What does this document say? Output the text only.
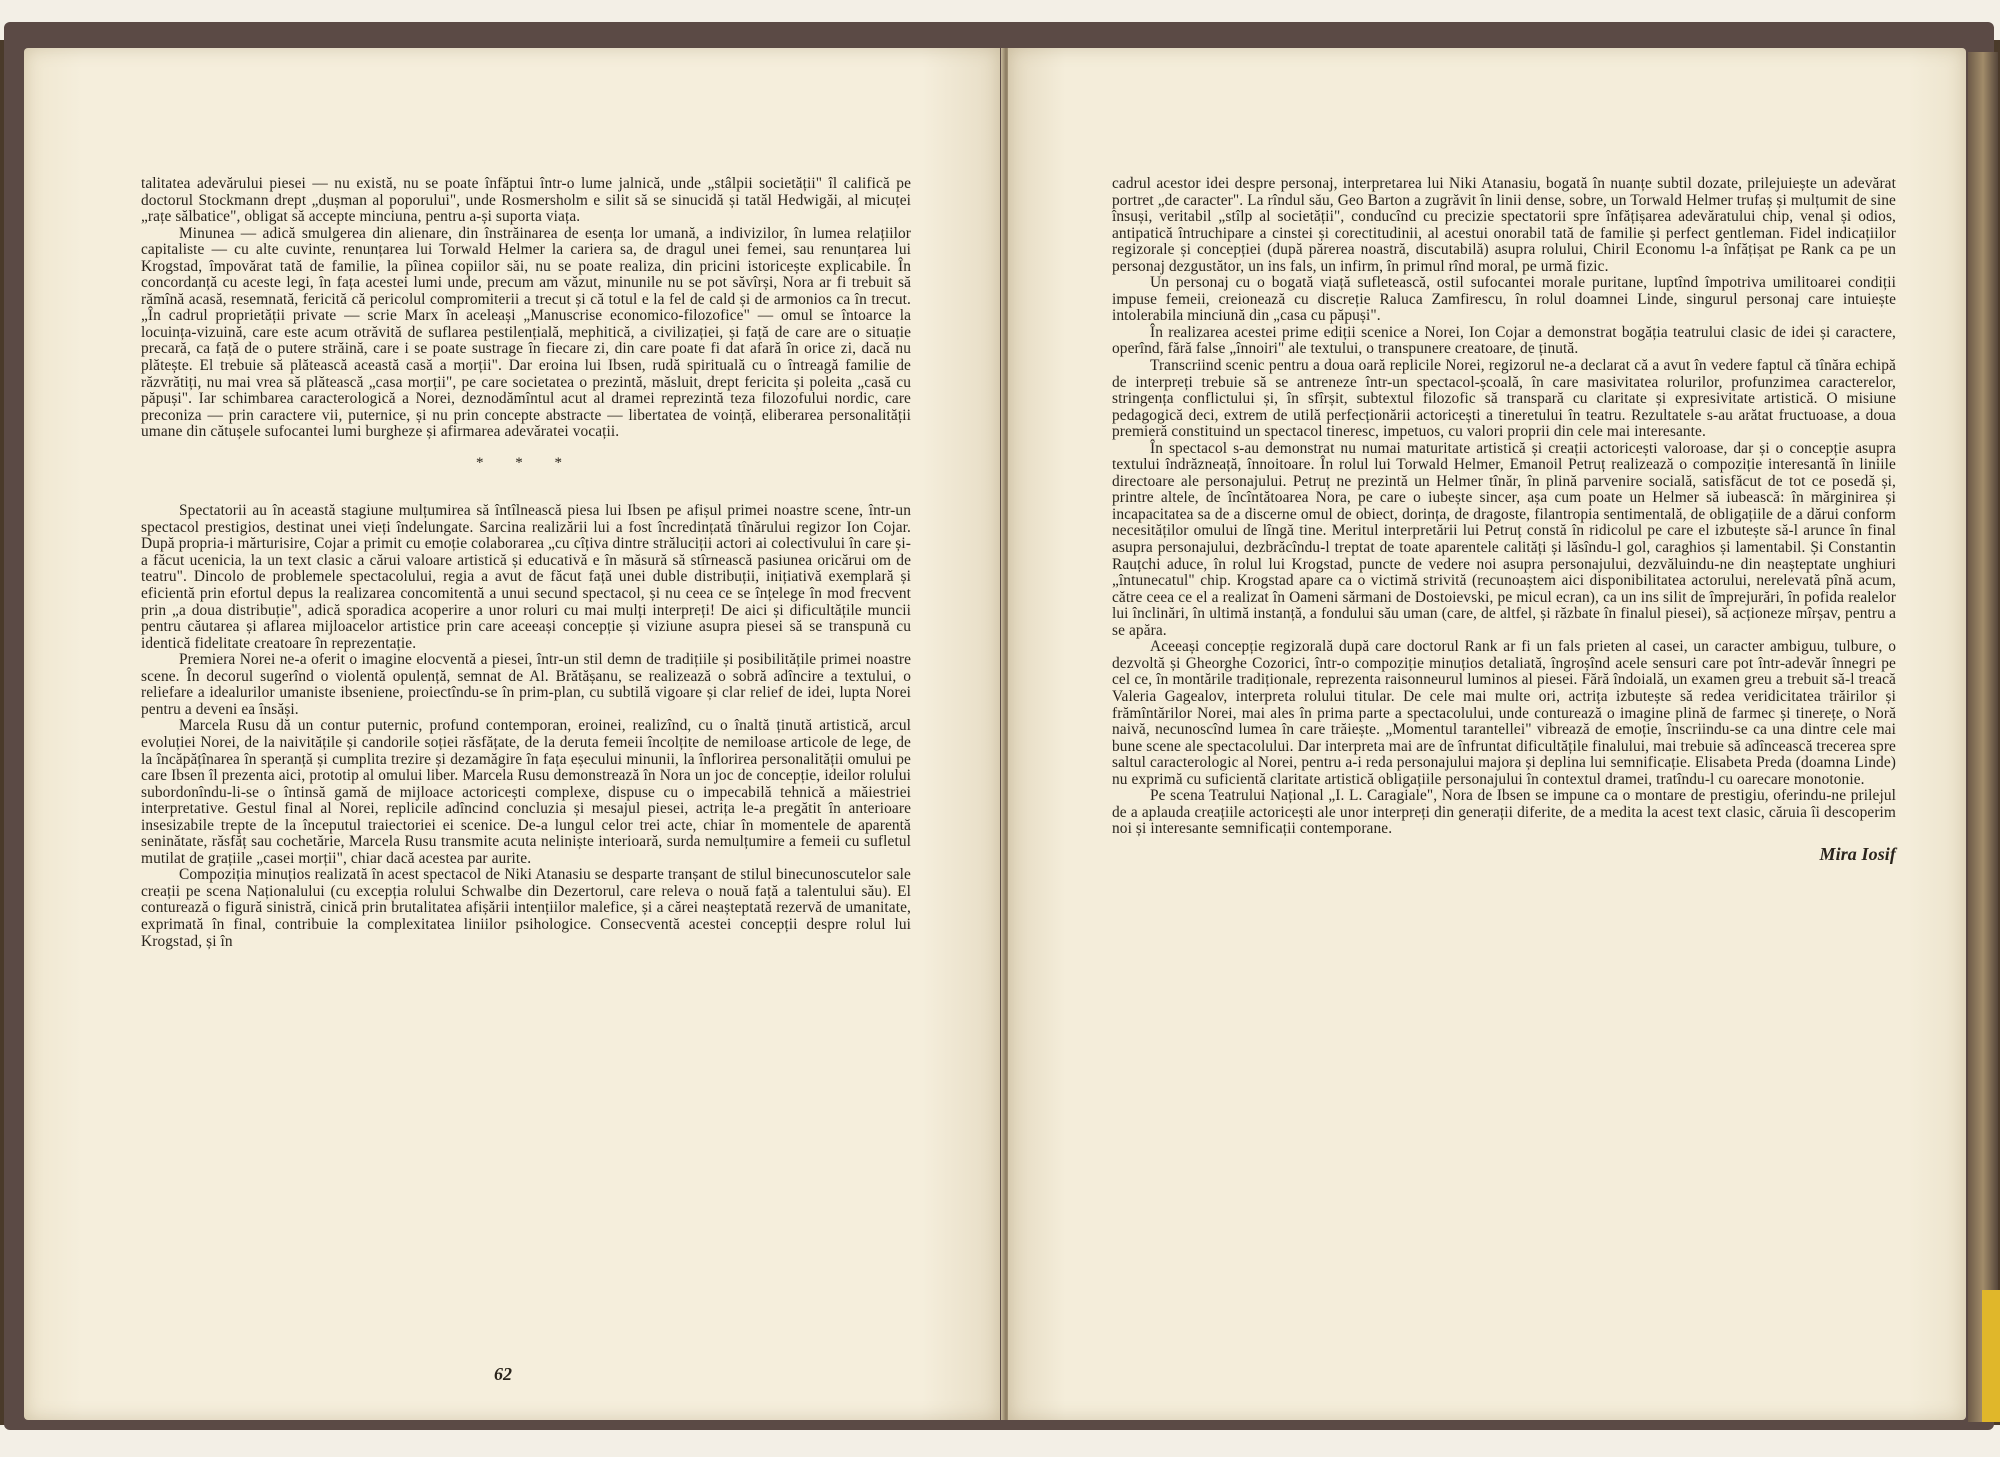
talitatea adevărului piesei — nu există, nu se poate înfăptui într-o lume jalnică, unde „stâlpii societății" îl califică pe doctorul Stockmann drept „dușman al poporului", unde Rosmersholm e silit să se sinucidă și tatăl Hedwigăi, al micuței „rațe sălbatice", obligat să accepte minciuna, pentru a-și suporta viața.

Minunea — adică smulgerea din alienare, din înstrăinarea de esența lor umană, a indivizilor, în lumea relațiilor capitaliste — cu alte cuvinte, renunțarea lui Torwald Helmer la cariera sa, de dragul unei femei, sau renunțarea lui Krogstad, împovărat tată de familie, la pîinea copiilor săi, nu se poate realiza, din pricini istoricește explicabile. În concordanță cu aceste legi, în fața acestei lumi unde, precum am văzut, minunile nu se pot săvîrși, Nora ar fi trebuit să rămînă acasă, resemnată, fericită că pericolul compromiterii a trecut și că totul e la fel de cald și de armonios ca în trecut. „În cadrul proprietății private — scrie Marx în aceleași „Manuscrise economico-filozofice" — omul se întoarce la locuința-vizuină, care este acum otrăvită de suflarea pestilențială, mephitică, a civilizației, și față de care are o situație precară, ca față de o putere străină, care i se poate sustrage în fiecare zi, din care poate fi dat afară în orice zi, dacă nu plătește. El trebuie să plătească această casă a morții". Dar eroina lui Ibsen, rudă spirituală cu o întreagă familie de răzvrătiți, nu mai vrea să plătească „casa morții", pe care societatea o prezintă, măsluit, drept fericita și poleita „casă cu păpuși". Iar schimbarea caracterologică a Norei, deznodămîntul acut al dramei reprezintă teza filozofului nordic, care preconiza — prin caractere vii, puternice, și nu prin concepte abstracte — libertatea de voință, eliberarea personalității umane din cătușele sufocantei lumi burgheze și afirmarea adevăratei vocații.

* * *

Spectatorii au în această stagiune mulțumirea să întîlnească piesa lui Ibsen pe afișul primei noastre scene, într-un spectacol prestigios, destinat unei vieți îndelungate. Sarcina realizării lui a fost încredințată tînărului regizor Ion Cojar. După propria-i mărturisire, Cojar a primit cu emoție colaborarea „cu cîțiva dintre străluciții actori ai colectivului în care și-a făcut ucenicia, la un text clasic a cărui valoare artistică și educativă e în măsură să stîrnească pasiunea oricărui om de teatru". Dincolo de problemele spectacolului, regia a avut de făcut față unei duble distribuții, inițiativă exemplară și eficientă prin efortul depus la realizarea concomitentă a unui secund spectacol, și nu ceea ce se înțelege în mod frecvent prin „a doua distribuție", adică sporadica acoperire a unor roluri cu mai mulți interpreți! De aici și dificultățile muncii pentru căutarea și aflarea mijloacelor artistice prin care aceeași concepție și viziune asupra piesei să se transpună cu identică fidelitate creatoare în reprezentație.

Premiera Norei ne-a oferit o imagine elocventă a piesei, într-un stil demn de tradițiile și posibilitățile primei noastre scene. În decorul sugerînd o violentă opulență, semnat de Al. Brătășanu, se realizează o sobră adîncire a textului, o reliefare a idealurilor umaniste ibseniene, proiectîndu-se în prim-plan, cu subtilă vigoare și clar relief de idei, lupta Norei pentru a deveni ea însăși.

Marcela Rusu dă un contur puternic, profund contemporan, eroinei, realizînd, cu o înaltă ținută artistică, arcul evoluției Norei, de la naivitățile și candorile soției răsfățate, de la deruta femeii încolțite de nemiloase articole de lege, de la încăpățînarea în speranță și cumplita trezire și dezamăgire în fața eșecului minunii, la înflorirea personalității omului pe care Ibsen îl prezenta aici, prototip al omului liber. Marcela Rusu demonstrează în Nora un joc de concepție, ideilor rolului subordonîndu-li-se o întinsă gamă de mijloace actoricești complexe, dispuse cu o impecabilă tehnică a măiestriei interpretative. Gestul final al Norei, replicile adîncind concluzia și mesajul piesei, actrița le-a pregătit în anterioare insesizabile trepte de la începutul traiectoriei ei scenice. De-a lungul celor trei acte, chiar în momentele de aparentă seninătate, răsfăț sau cochetărie, Marcela Rusu transmite acuta neliniște interioară, surda nemulțumire a femeii cu sufletul mutilat de grațiile „casei morții", chiar dacă acestea par aurite.

Compoziția minuțios realizată în acest spectacol de Niki Atanasiu se desparte tranșant de stilul binecunoscutelor sale creații pe scena Naționalului (cu excepția rolului Schwalbe din Dezertorul, care releva o nouă față a talentului său). El conturează o figură sinistră, cinică prin brutalitatea afișării intențiilor malefice, și a cărei neașteptată rezervă de umanitate, exprimată în final, contribuie la complexitatea liniilor psihologice. Consecventă acestei concepții despre rolul lui Krogstad, și în

62

cadrul acestor idei despre personaj, interpretarea lui Niki Atanasiu, bogată în nuanțe subtil dozate, prilejuiește un adevărat portret „de caracter". La rîndul său, Geo Barton a zugrăvit în linii dense, sobre, un Torwald Helmer trufaș și mulțumit de sine însuși, veritabil „stîlp al societății", conducînd cu precizie spectatorii spre înfățișarea adevăratului chip, venal și odios, antipatică întruchipare a cinstei și corectitudinii, al acestui onorabil tată de familie și perfect gentleman. Fidel indicațiilor regizorale și concepției (după părerea noastră, discutabilă) asupra rolului, Chiril Economu l-a înfățișat pe Rank ca pe un personaj dezgustător, un ins fals, un infirm, în primul rînd moral, pe urmă fizic.

Un personaj cu o bogată viață sufletească, ostil sufocantei morale puritane, luptînd împotriva umilitoarei condiții impuse femeii, creionează cu discreție Raluca Zamfirescu, în rolul doamnei Linde, singurul personaj care intuiește intolerabila minciună din „casa cu păpuși".

În realizarea acestei prime ediții scenice a Norei, Ion Cojar a demonstrat bogăția teatrului clasic de idei și caractere, operînd, fără false „înnoiri" ale textului, o transpunere creatoare, de ținută.

Transcriind scenic pentru a doua oară replicile Norei, regizorul ne-a declarat că a avut în vedere faptul că tînăra echipă de interpreți trebuie să se antreneze într-un spectacol-școală, în care masivitatea rolurilor, profunzimea caracterelor, stringența conflictului și, în sfîrșit, subtextul filozofic să transpară cu claritate și expresivitate artistică. O misiune pedagogică deci, extrem de utilă perfecționării actoricești a tineretului în teatru. Rezultatele s-au arătat fructuoase, a doua premieră constituind un spectacol tineresc, impetuos, cu valori proprii din cele mai interesante.

În spectacol s-au demonstrat nu numai maturitate artistică și creații actoricești valoroase, dar și o concepție asupra textului îndrăzneață, înnoitoare. În rolul lui Torwald Helmer, Emanoil Petruț realizează o compoziție interesantă în liniile directoare ale personajului. Petruț ne prezintă un Helmer tînăr, în plină parvenire socială, satisfăcut de tot ce posedă și, printre altele, de încîntătoarea Nora, pe care o iubește sincer, așa cum poate un Helmer să iubească: în mărginirea și incapacitatea sa de a discerne omul de obiect, dorința, de dragoste, filantropia sentimentală, de obligațiile de a dărui conform necesităților omului de lîngă tine. Meritul interpretării lui Petruț constă în ridicolul pe care el izbutește să-l arunce în final asupra personajului, dezbrăcîndu-l treptat de toate aparentele calități și lăsîndu-l gol, caraghios și lamentabil. Și Constantin Rauțchi aduce, în rolul lui Krogstad, puncte de vedere noi asupra personajului, dezvăluindu-ne din neașteptate unghiuri „întunecatul" chip. Krogstad apare ca o victimă strivită (recunoaștem aici disponibilitatea actorului, nerelevată pînă acum, către ceea ce el a realizat în Oameni sărmani de Dostoievski, pe micul ecran), ca un ins silit de împrejurări, în pofida realelor lui înclinări, în ultimă instanță, a fondului său uman (care, de altfel, și răzbate în finalul piesei), să acționeze mîrșav, pentru a se apăra.

Aceeași concepție regizorală după care doctorul Rank ar fi un fals prieten al casei, un caracter ambiguu, tulbure, o dezvoltă și Gheorghe Cozorici, într-o compoziție minuțios detaliată, îngroșînd acele sensuri care pot într-adevăr înnegri pe cel ce, în montările tradiționale, reprezenta raisonneurul luminos al piesei. Fără îndoială, un examen greu a trebuit să-l treacă Valeria Gagealov, interpreta rolului titular. De cele mai multe ori, actrița izbutește să redea veridicitatea trăirilor și frămîntărilor Norei, mai ales în prima parte a spectacolului, unde conturează o imagine plină de farmec și tinerețe, o Noră naivă, necunoscînd lumea în care trăiește. „Momentul tarantellei" vibrează de emoție, înscriindu-se ca una dintre cele mai bune scene ale spectacolului. Dar interpreta mai are de înfruntat dificultățile finalului, mai trebuie să adîncească trecerea spre saltul caracterologic al Norei, pentru a-i reda personajului majora și deplina lui semnificație. Elisabeta Preda (doamna Linde) nu exprimă cu suficientă claritate artistică obligațiile personajului în contextul dramei, tratîndu-l cu oarecare monotonie.

Pe scena Teatrului Național „I. L. Caragiale", Nora de Ibsen se impune ca o montare de prestigiu, oferindu-ne prilejul de a aplauda creațiile actoricești ale unor interpreți din generații diferite, de a medita la acest text clasic, căruia îi descoperim noi și interesante semnificații contemporane.

Mira Iosif
